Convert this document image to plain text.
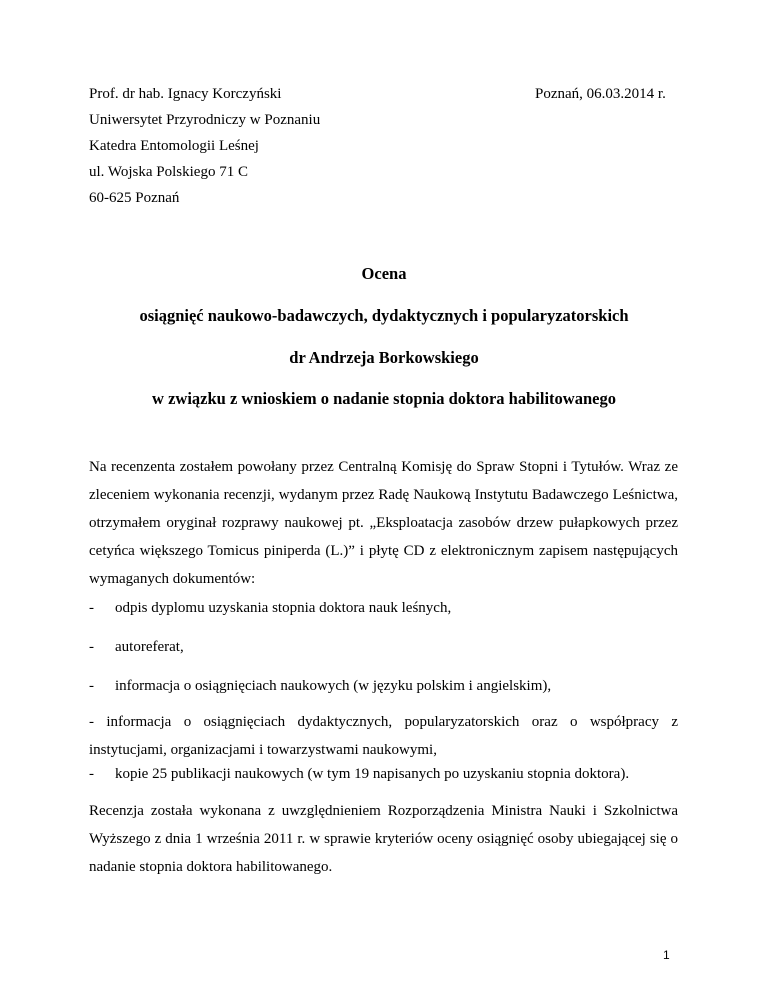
Prof. dr hab. Ignacy Korczyński	Poznań, 06.03.2014 r.
Uniwersytet Przyrodniczy w Poznaniu
Katedra Entomologii Leśnej
ul. Wojska Polskiego 71 C
60-625 Poznań
Ocena
osiągnięć naukowo-badawczych, dydaktycznych i popularyzatorskich
dr Andrzeja Borkowskiego
w związku z wnioskiem o nadanie stopnia doktora habilitowanego
Na recenzenta zostałem powołany przez Centralną Komisję do Spraw Stopni i Tytułów. Wraz ze zleceniem wykonania recenzji, wydanym przez Radę Naukową Instytutu Badawczego Leśnictwa, otrzymałem oryginał rozprawy naukowej pt. „Eksploatacja zasobów drzew pułapkowych przez cetyńca większego Tomicus piniperda (L.)” i płytę CD z elektronicznym zapisem następujących wymaganych dokumentów:
- odpis dyplomu uzyskania stopnia doktora nauk leśnych,
- autoreferat,
- informacja o osiągnięciach naukowych (w języku polskim i angielskim),
- informacja o osiągnięciach dydaktycznych, popularyzatorskich oraz o współpracy z instytucjami, organizacjami i towarzystwami naukowymi,
- kopie 25 publikacji naukowych (w tym 19 napisanych po uzyskaniu stopnia doktora).
Recenzja została wykonana z uwzględnieniem Rozporządzenia Ministra Nauki i Szkolnictwa Wyższego z dnia 1 września 2011 r. w sprawie kryteriów oceny osiągnięć osoby ubiegającej się o nadanie stopnia doktora habilitowanego.
1
